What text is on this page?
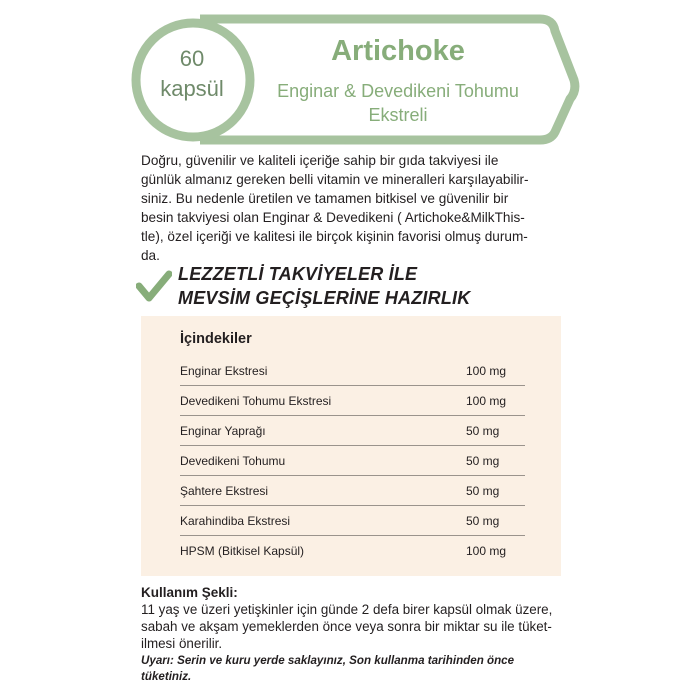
60
kapsül
Artichoke
Enginar & Devedikeni Tohumu
Ekstreli
Doğru, güvenilir ve kaliteli içeriğe sahip bir gıda takviyesi ile
günlük almanız gereken belli vitamin ve mineralleri karşılayabilir-
siniz. Bu nedenle üretilen ve tamamen bitkisel ve güvenilir bir
besin takviyesi olan Enginar & Devedikeni ( Artichoke&MilkThis-
tle), özel içeriği ve kalitesi ile birçok kişinin favorisi olmuş durum-
da.
LEZZETLİ TAKVİYELER İLE
MEVSİM GEÇİŞLERİNE HAZIRLIK
İçindekiler
Enginar Ekstresi	100 mg
Devedikeni Tohumu Ekstresi	100 mg
Enginar Yaprağı	50 mg
Devedikeni Tohumu	50 mg
Şahtere Ekstresi	50 mg
Karahindiba Ekstresi	50 mg
HPSM (Bitkisel Kapsül)	100 mg
Kullanım Şekli:
11 yaş ve üzeri yetişkinler için günde 2 defa birer kapsül olmak üzere,
sabah ve akşam yemeklerden önce veya sonra bir miktar su ile tüket-
ilmesi önerilir.
Uyarı: Serin ve kuru yerde saklayınız, Son kullanma tarihinden önce
tüketiniz.
